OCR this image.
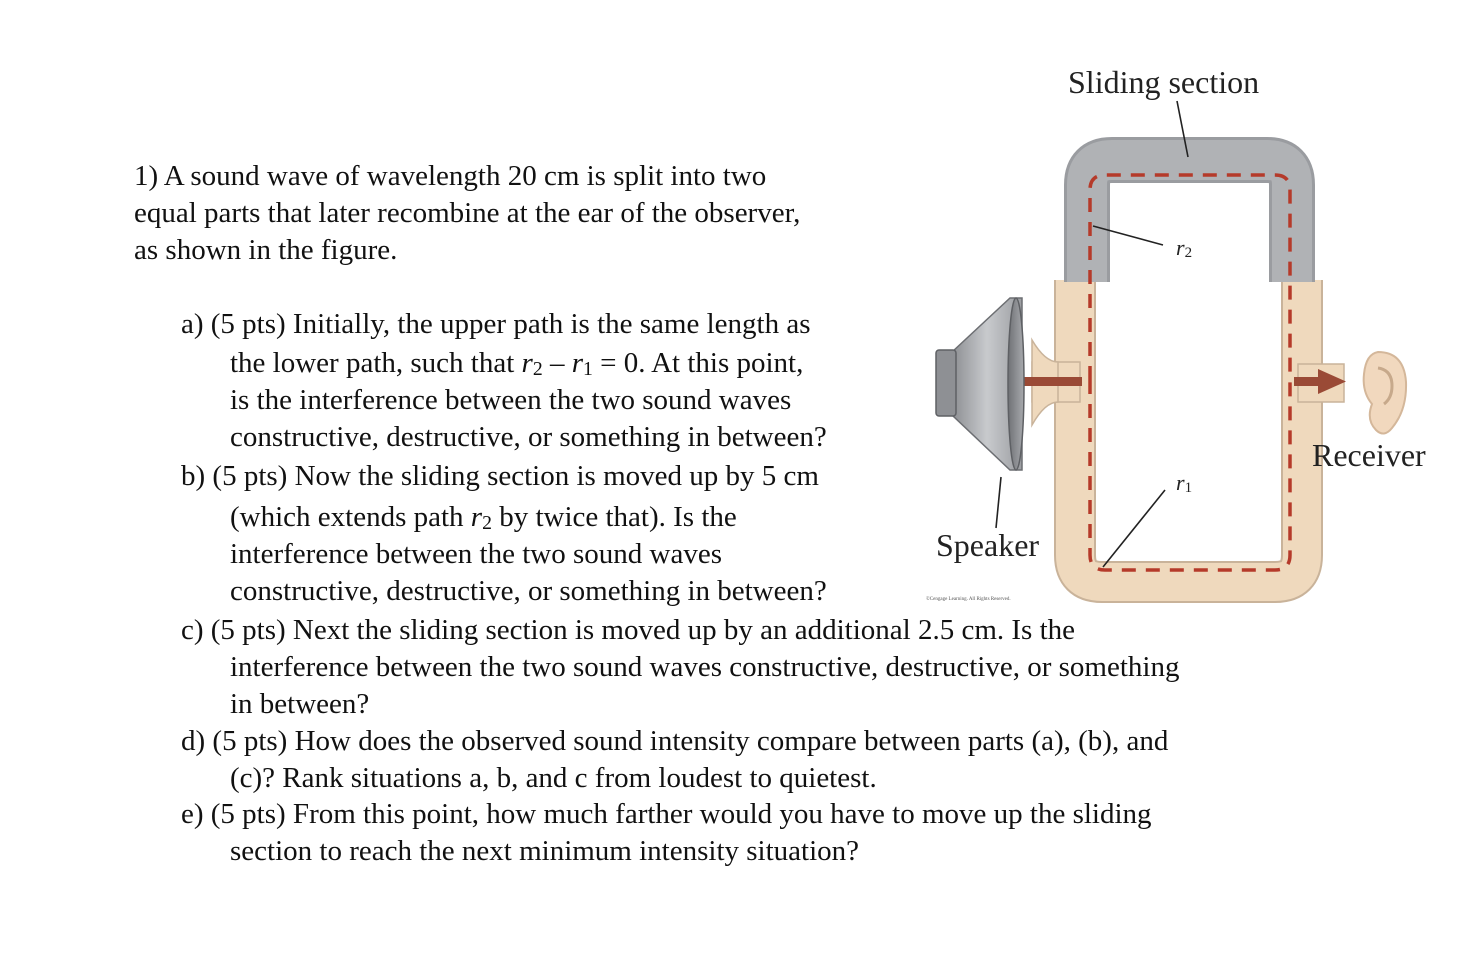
1) A sound wave of wavelength 20 cm is split into two
equal parts that later recombine at the ear of the observer,
as shown in the figure.
a) (5 pts) Initially, the upper path is the same length as
the lower path, such that $r_2 - r_1 = 0$. At this point,
is the interference between the two sound waves
constructive, destructive, or something in between?
b) (5 pts) Now the sliding section is moved up by 5 cm
(which extends path $r_2$ by twice that). Is the
interference between the two sound waves
constructive, destructive, or something in between?
c) (5 pts) Next the sliding section is moved up by an additional 2.5 cm. Is the
interference between the two sound waves constructive, destructive, or something
in between?
d) (5 pts) How does the observed sound intensity compare between parts (a), (b), and
(c)? Rank situations a, b, and c from loudest to quietest.
e) (5 pts) From this point, how much farther would you have to move up the sliding
section to reach the next minimum intensity situation?
Sliding section
Speaker
Receiver
$r_2$
$r_1$
©Cengage Learning. All Rights Reserved.
